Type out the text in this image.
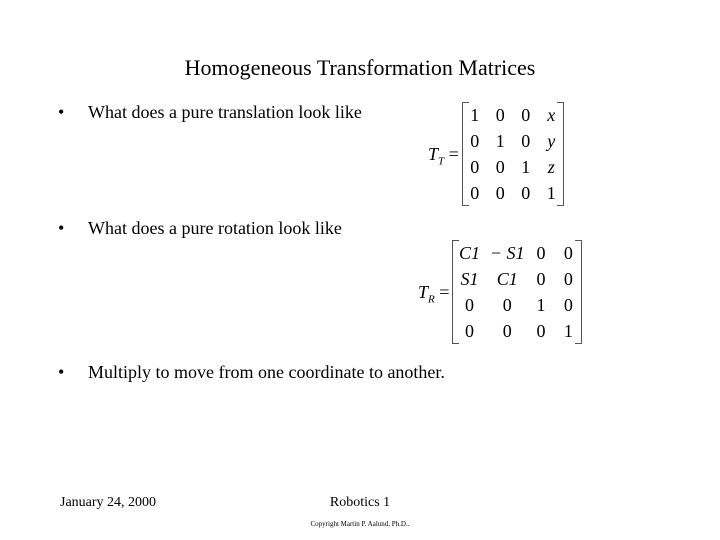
Homogeneous Transformation Matrices
• What does a pure translation look like
• What does a pure rotation look like
• Multiply to move from one coordinate to another.
$T_T$ =
1	0	0	x
0	1	0	y
0	0	1	z
0	0	0	1
$T_R$ =
C1	− S1	0	0
S1	C1	0	0
0	0	1	0
0	0	0	1
January 24, 2000	Robotics 1
Copyright Martin P. Aalund, Ph.D..
